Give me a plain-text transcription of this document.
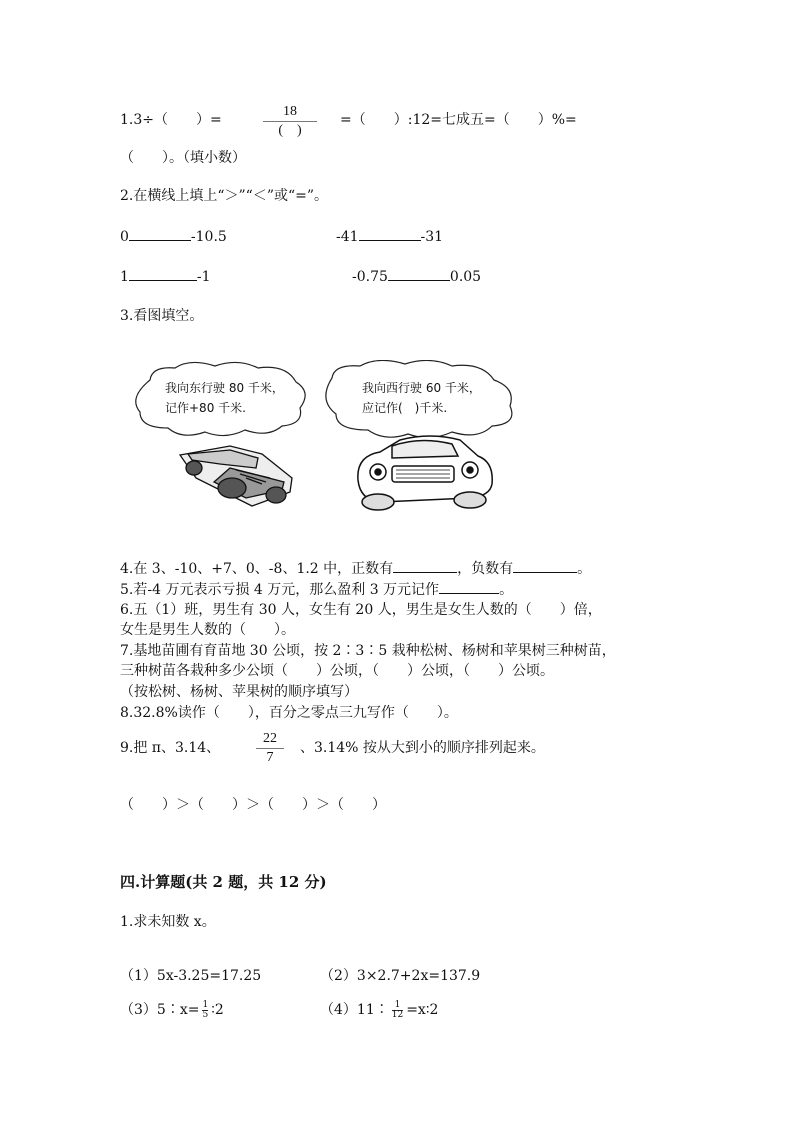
1.3÷（　　）=
18
(　)
=（　　）:12=七成五=（　　）%=
（　　）。（填小数）
2.在横线上填上“＞”“＜”或“=”。
0	-10.5	-41	-31
1	-1	-0.75	0.05
3.看图填空。
我向东行驶 80 千米，
记作+80 千米.
我向西行驶 60 千米，
应记作(　)千米.
4.在 3、-10、+7、0、-8、1.2 中，正数有	，负数有	。
5.若-4 万元表示亏损 4 万元，那么盈利 3 万元记作	。
6.五（1）班，男生有 30 人，女生有 20 人，男生是女生人数的（　　）倍，
女生是男生人数的（　　）。
7.基地苗圃有育苗地 30 公顷，按 2∶3∶5 栽种松树、杨树和苹果树三种树苗，
三种树苗各栽种多少公顷（　　）公顷，（　　）公顷，（　　）公顷。
（按松树、杨树、苹果树的顺序填写）
8.32.8%读作（　　），百分之零点三九写作（　　）。
9.把 π、3.14、
22
7
、3.14% 按从大到小的顺序排列起来。
（　　）＞（　　）＞（　　）＞（　　）
四.计算题(共 2 题，共 12 分)
1.求未知数 x。
（1）5x-3.25=17.25	（2）3×2.7+2x=137.9
（3）5∶x= $\frac{1}{5}$ ∶2	（4）11∶ $\frac{1}{12}$ =x∶2
